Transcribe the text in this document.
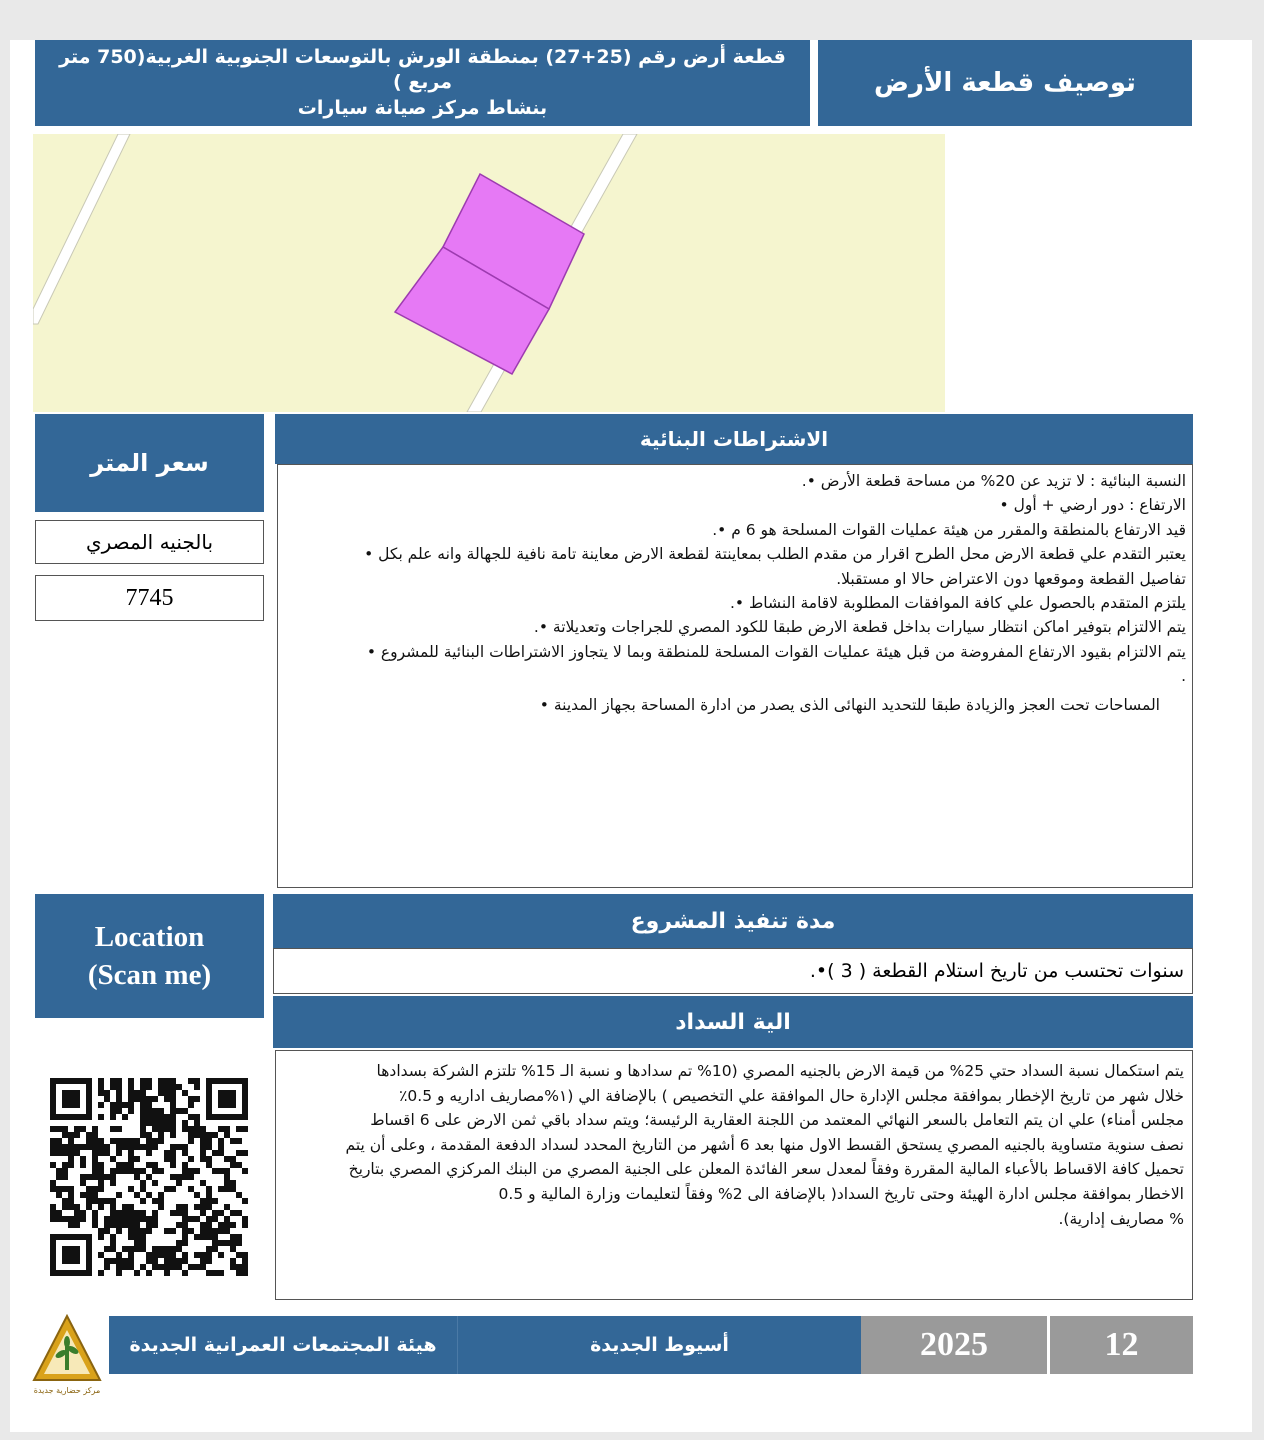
قطعة أرض رقم (25+27) بمنطقة الورش بالتوسعات الجنوبية الغربية(750 متر مربع )
بنشاط مركز صيانة سيارات
توصيف قطعة الأرض
سعر المتر
بالجنيه المصري
7745
الاشتراطات البنائية
النسبة البنائية : لا تزيد عن 20% من مساحة قطعة الأرض •.
الارتفاع : دور ارضي + أول •
قيد الارتفاع بالمنطقة والمقرر من هيئة عمليات القوات المسلحة هو 6 م •.
يعتبر التقدم علي قطعة الارض محل الطرح اقرار من مقدم الطلب بمعاينتة لقطعة الارض معاينة تامة نافية للجهالة وانه علم بكل •
تفاصيل القطعة وموقعها دون الاعتراض حالا او مستقبلا.
يلتزم المتقدم بالحصول علي كافة الموافقات المطلوبة لاقامة النشاط •.
يتم الالتزام بتوفير اماكن انتظار سيارات بداخل قطعة الارض طبقا للكود المصري للجراجات وتعديلاتة •.
يتم الالتزام بقيود الارتفاع المفروضة من قبل هيئة عمليات القوات المسلحة للمنطقة وبما لا يتجاوز الاشتراطات البنائية للمشروع •
.
المساحات تحت العجز والزيادة طبقا للتحديد النهائى الذى يصدر من ادارة المساحة بجهاز المدينة •
Location
(Scan me)
مدة تنفيذ المشروع
سنوات تحتسب من تاريخ استلام القطعة ( 3 )•.
الية السداد
يتم استكمال نسبة السداد حتي 25% من قيمة الارض بالجنيه المصري (10% تم سدادها و نسبة الـ 15% تلتزم الشركة بسدادها
خلال شهر من تاريخ الإخطار بموافقة مجلس الإدارة حال الموافقة علي التخصيص ) بالإضافة الي (١%مصاريف اداريه و 0.5٪
مجلس أمناء) علي ان يتم التعامل بالسعر النهائي المعتمد من اللجنة العقارية الرئيسة؛ ويتم سداد باقي ثمن الارض على 6 اقساط
نصف سنوية متساوية بالجنيه المصري يستحق القسط الاول منها بعد 6 أشهر من التاريخ المحدد لسداد الدفعة المقدمة ، وعلى أن يتم
تحميل كافة الاقساط بالأعباء المالية المقررة وفقاً لمعدل سعر الفائدة المعلن على الجنية المصري من البنك المركزي المصري بتاريخ
الاخطار بموافقة مجلس ادارة الهيئة وحتى تاريخ السداد( بالإضافة الى 2% وفقاً لتعليمات وزارة المالية و 0.5
% مصاريف إدارية).
هيئة المجتمعات العمرانية الجديدة	أسيوط الجديدة	2025	12
مركز حضارية جديدة
